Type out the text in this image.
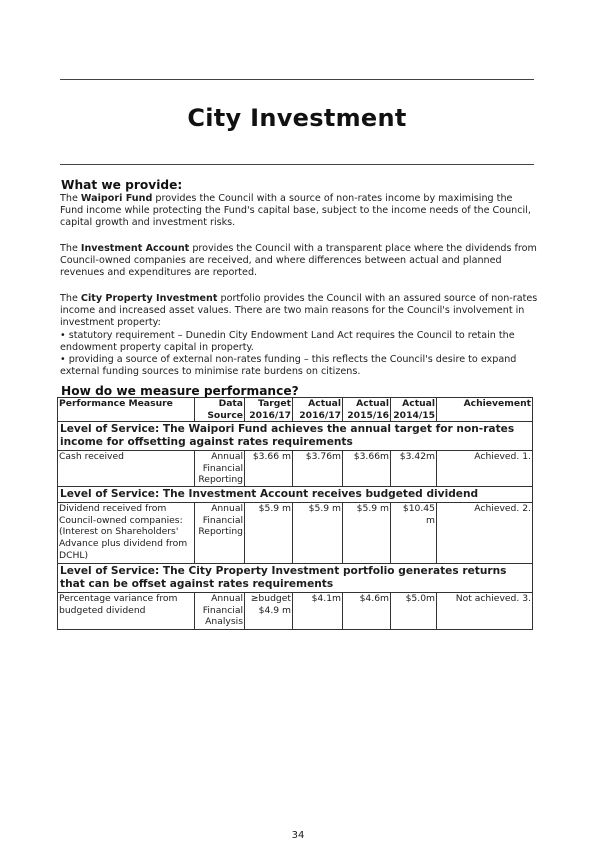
City Investment
What we provide:

The Waipori Fund provides the Council with a source of non-rates income by maximising the Fund income while protecting the Fund's capital base, subject to the income needs of the Council, capital growth and investment risks.

The Investment Account provides the Council with a transparent place where the dividends from Council-owned companies are received, and where differences between actual and planned revenues and expenditures are reported.

The City Property Investment portfolio provides the Council with an assured source of non-rates income and increased asset values. There are two main reasons for the Council's involvement in investment property:
• statutory requirement – Dunedin City Endowment Land Act requires the Council to retain the endowment property capital in property.
• providing a source of external non-rates funding – this reflects the Council's desire to expand external funding sources to minimise rate burdens on citizens.

How do we measure performance?
Performance Measure	Data Source	Target 2016/17	Actual 2016/17	Actual 2015/16	Actual 2014/15	Achievement
Level of Service: The Waipori Fund achieves the annual target for non-rates income for offsetting against rates requirements						
Cash received	Annual Financial Reporting	$3.66 m	$3.76m	$3.66m	$3.42m	Achieved. 1.
Level of Service: The Investment Account receives budgeted dividend						
Dividend received from Council-owned companies: (Interest on Shareholders' Advance plus dividend from DCHL)	Annual Financial Reporting	$5.9 m	$5.9 m	$5.9 m	$10.45 m	Achieved. 2.
Level of Service: The City Property Investment portfolio generates returns that can be offset against rates requirements						
Percentage variance from budgeted dividend	Annual Financial Analysis	≥budget $4.9 m	$4.1m	$4.6m	$5.0m	Not achieved. 3.
34
